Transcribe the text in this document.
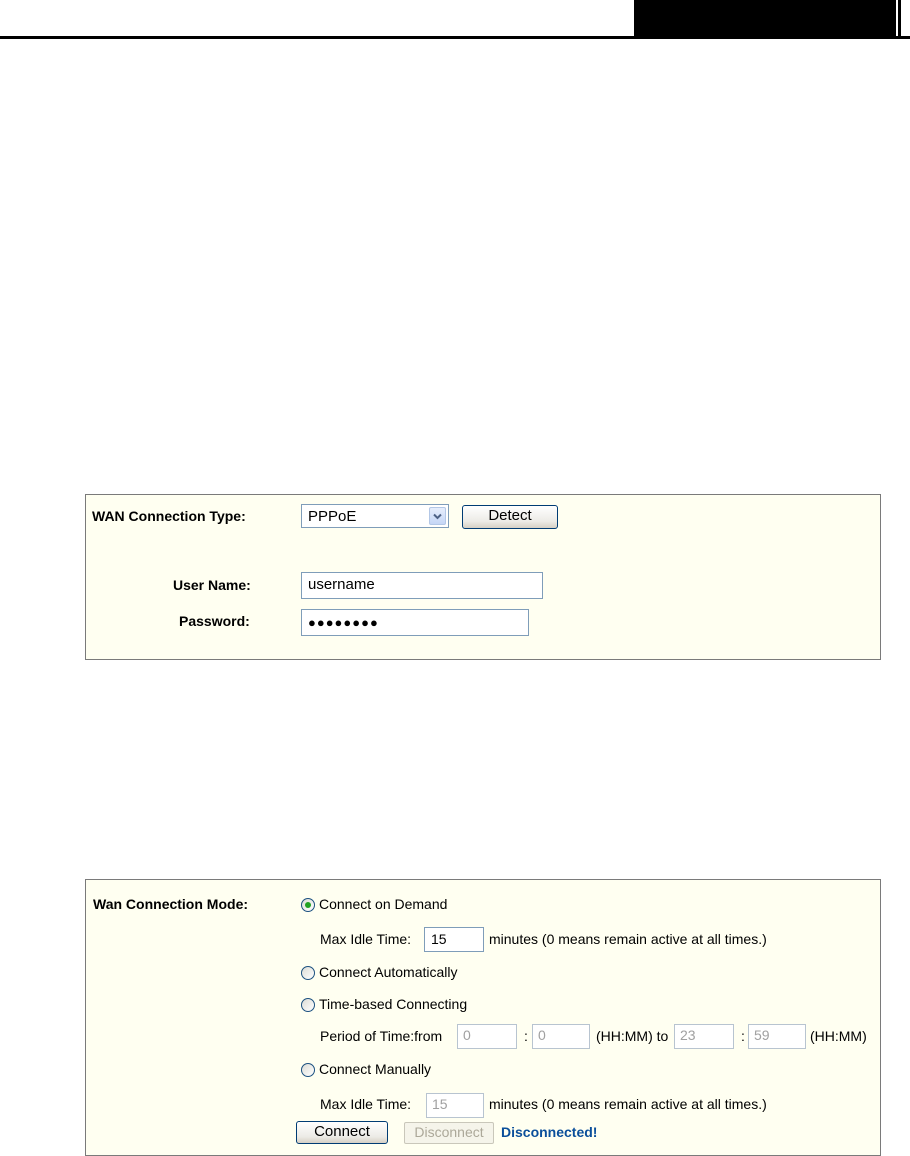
WAN Connection Type:	PPPoE	Detect
User Name:	username
Password:	●●●●●●●●
Wan Connection Mode:	Connect on Demand
Max Idle Time:	15	minutes (0 means remain active at all times.)
Connect Automatically
Time-based Connecting
Period of Time:from	0	: 0	(HH:MM) to 23	: 59	(HH:MM)
Connect Manually
Max Idle Time:	15	minutes (0 means remain active at all times.)
Connect	Disconnect	Disconnected!
